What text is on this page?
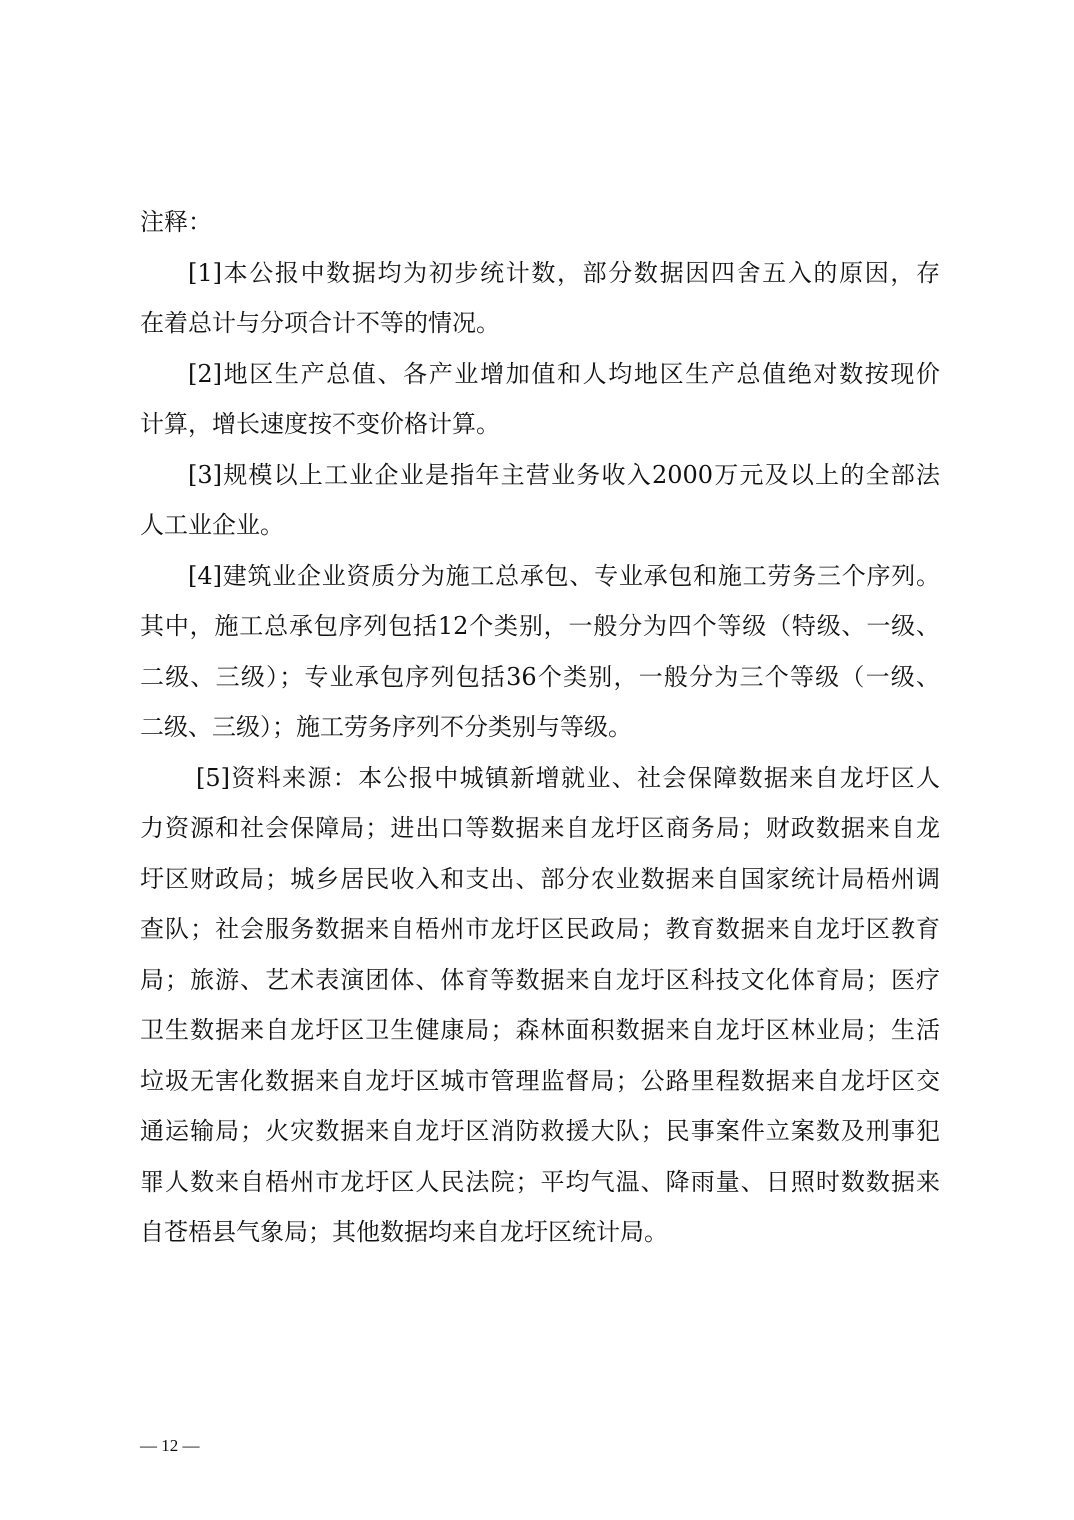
注释：
[1]本公报中数据均为初步统计数，部分数据因四舍五入的原因，存
在着总计与分项合计不等的情况。
[2]地区生产总值、各产业增加值和人均地区生产总值绝对数按现价
计算，增长速度按不变价格计算。
[3]规模以上工业企业是指年主营业务收入2000万元及以上的全部法
人工业企业。
[4]建筑业企业资质分为施工总承包、专业承包和施工劳务三个序列。
其中，施工总承包序列包括12个类别，一般分为四个等级（特级、一级、
二级、三级）；专业承包序列包括36个类别，一般分为三个等级（一级、
二级、三级）；施工劳务序列不分类别与等级。
[5]资料来源：本公报中城镇新增就业、社会保障数据来自龙圩区人
力资源和社会保障局；进出口等数据来自龙圩区商务局；财政数据来自龙
圩区财政局；城乡居民收入和支出、部分农业数据来自国家统计局梧州调
查队；社会服务数据来自梧州市龙圩区民政局；教育数据来自龙圩区教育
局；旅游、艺术表演团体、体育等数据来自龙圩区科技文化体育局；医疗
卫生数据来自龙圩区卫生健康局；森林面积数据来自龙圩区林业局；生活
垃圾无害化数据来自龙圩区城市管理监督局；公路里程数据来自龙圩区交
通运输局；火灾数据来自龙圩区消防救援大队；民事案件立案数及刑事犯
罪人数来自梧州市龙圩区人民法院；平均气温、降雨量、日照时数数据来
自苍梧县气象局；其他数据均来自龙圩区统计局。
— 12 —
